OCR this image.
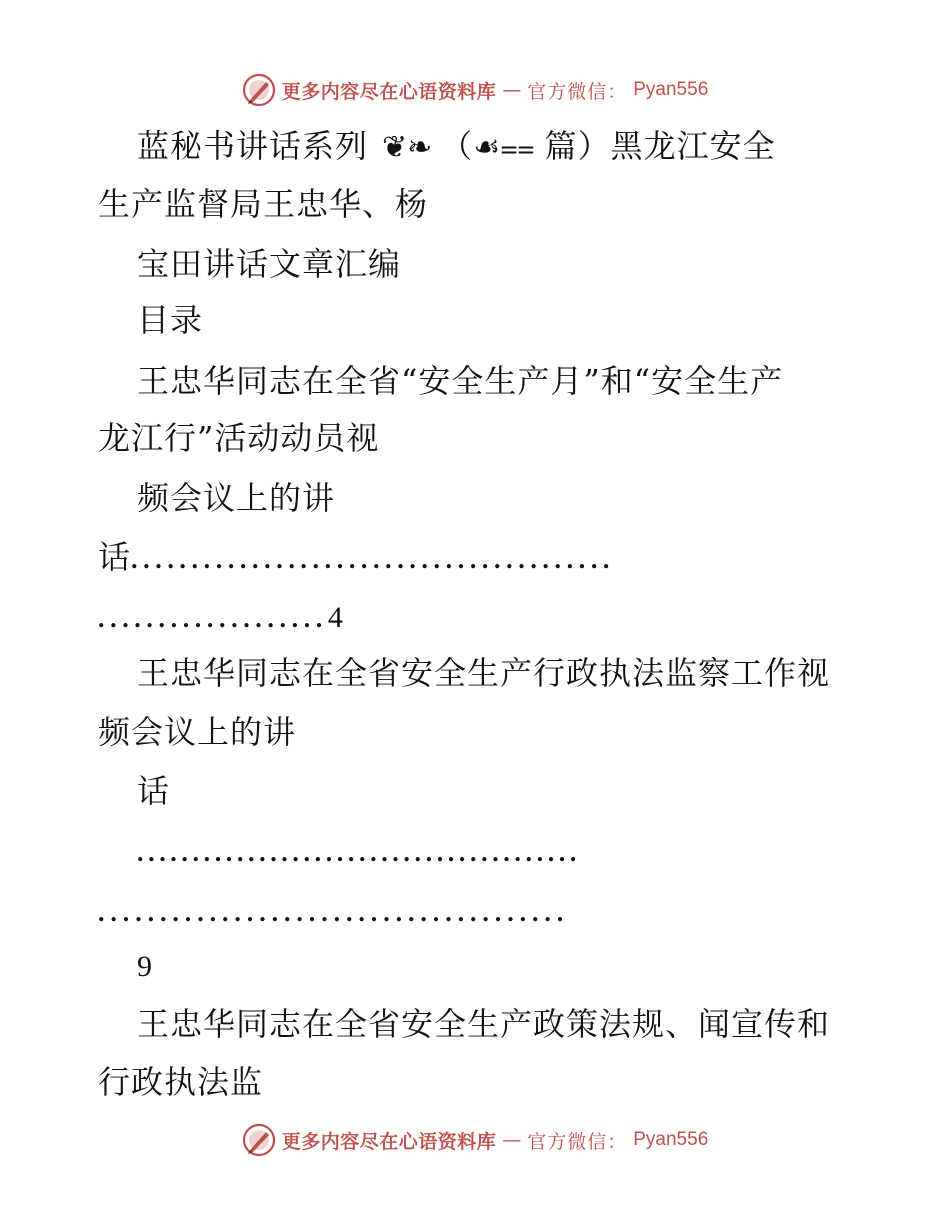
更多内容尽在心语资料库 — 官方微信： Pyan556
蓝秘书讲话系列 ❦❧ （☙⩵ 篇）黑龙江安全
生产监督局王忠华、杨
宝田讲话文章汇编
目录
王忠华同志在全省“安全生产月”和“安全生产
龙江行”活动动员视
频会议上的讲
话........................................
...................4
王忠华同志在全省安全生产行政执法监察工作视
频会议上的讲
话
........................................
......................................
9
王忠华同志在全省安全生产政策法规、闻宣传和
行政执法监
更多内容尽在心语资料库 — 官方微信： Pyan556
